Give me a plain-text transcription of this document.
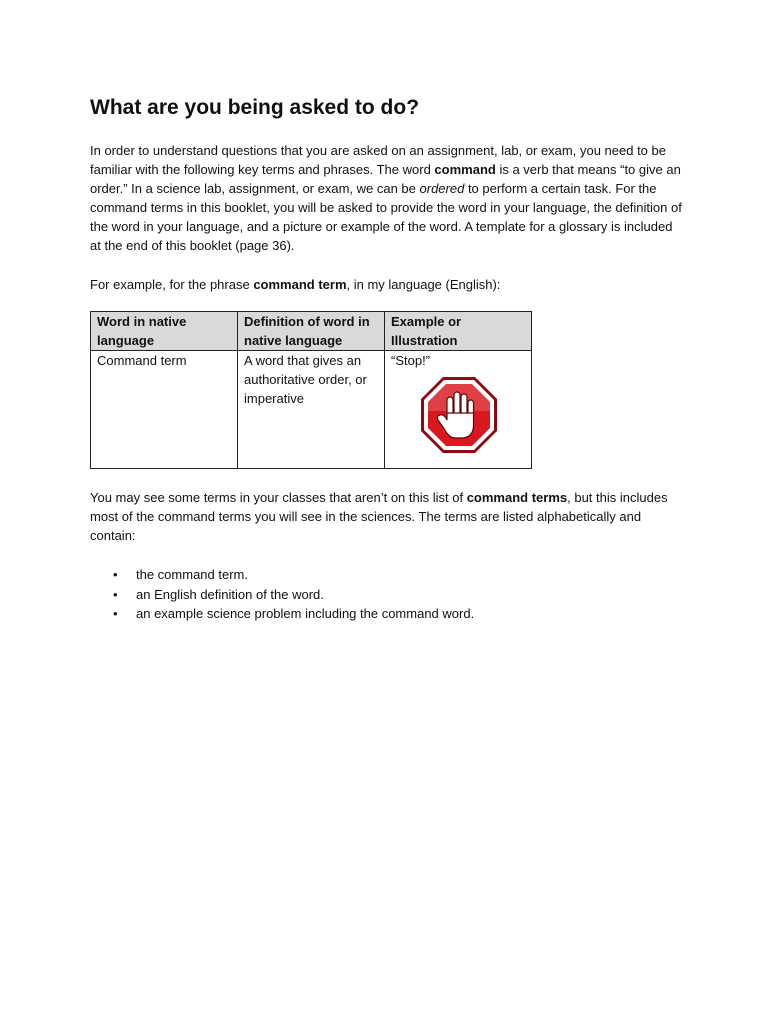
What are you being asked to do?

In order to understand questions that you are asked on an assignment, lab, or exam, you need to be familiar with the following key terms and phrases. The word command is a verb that means “to give an order.” In a science lab, assignment, or exam, we can be ordered to perform a certain task. For the command terms in this booklet, you will be asked to provide the word in your language, the definition of the word in your language, and a picture or example of the word. A template for a glossary is included at the end of this booklet (page 36).

For example, for the phrase command term, in my language (English):

Word in native language	Definition of word in native language	Example or Illustration
Command term	A word that gives an authoritative order, or imperative	“Stop!”

You may see some terms in your classes that aren’t on this list of command terms, but this includes most of the command terms you will see in the sciences. The terms are listed alphabetically and contain:

• the command term.
• an English definition of the word.
• an example science problem including the command word.
